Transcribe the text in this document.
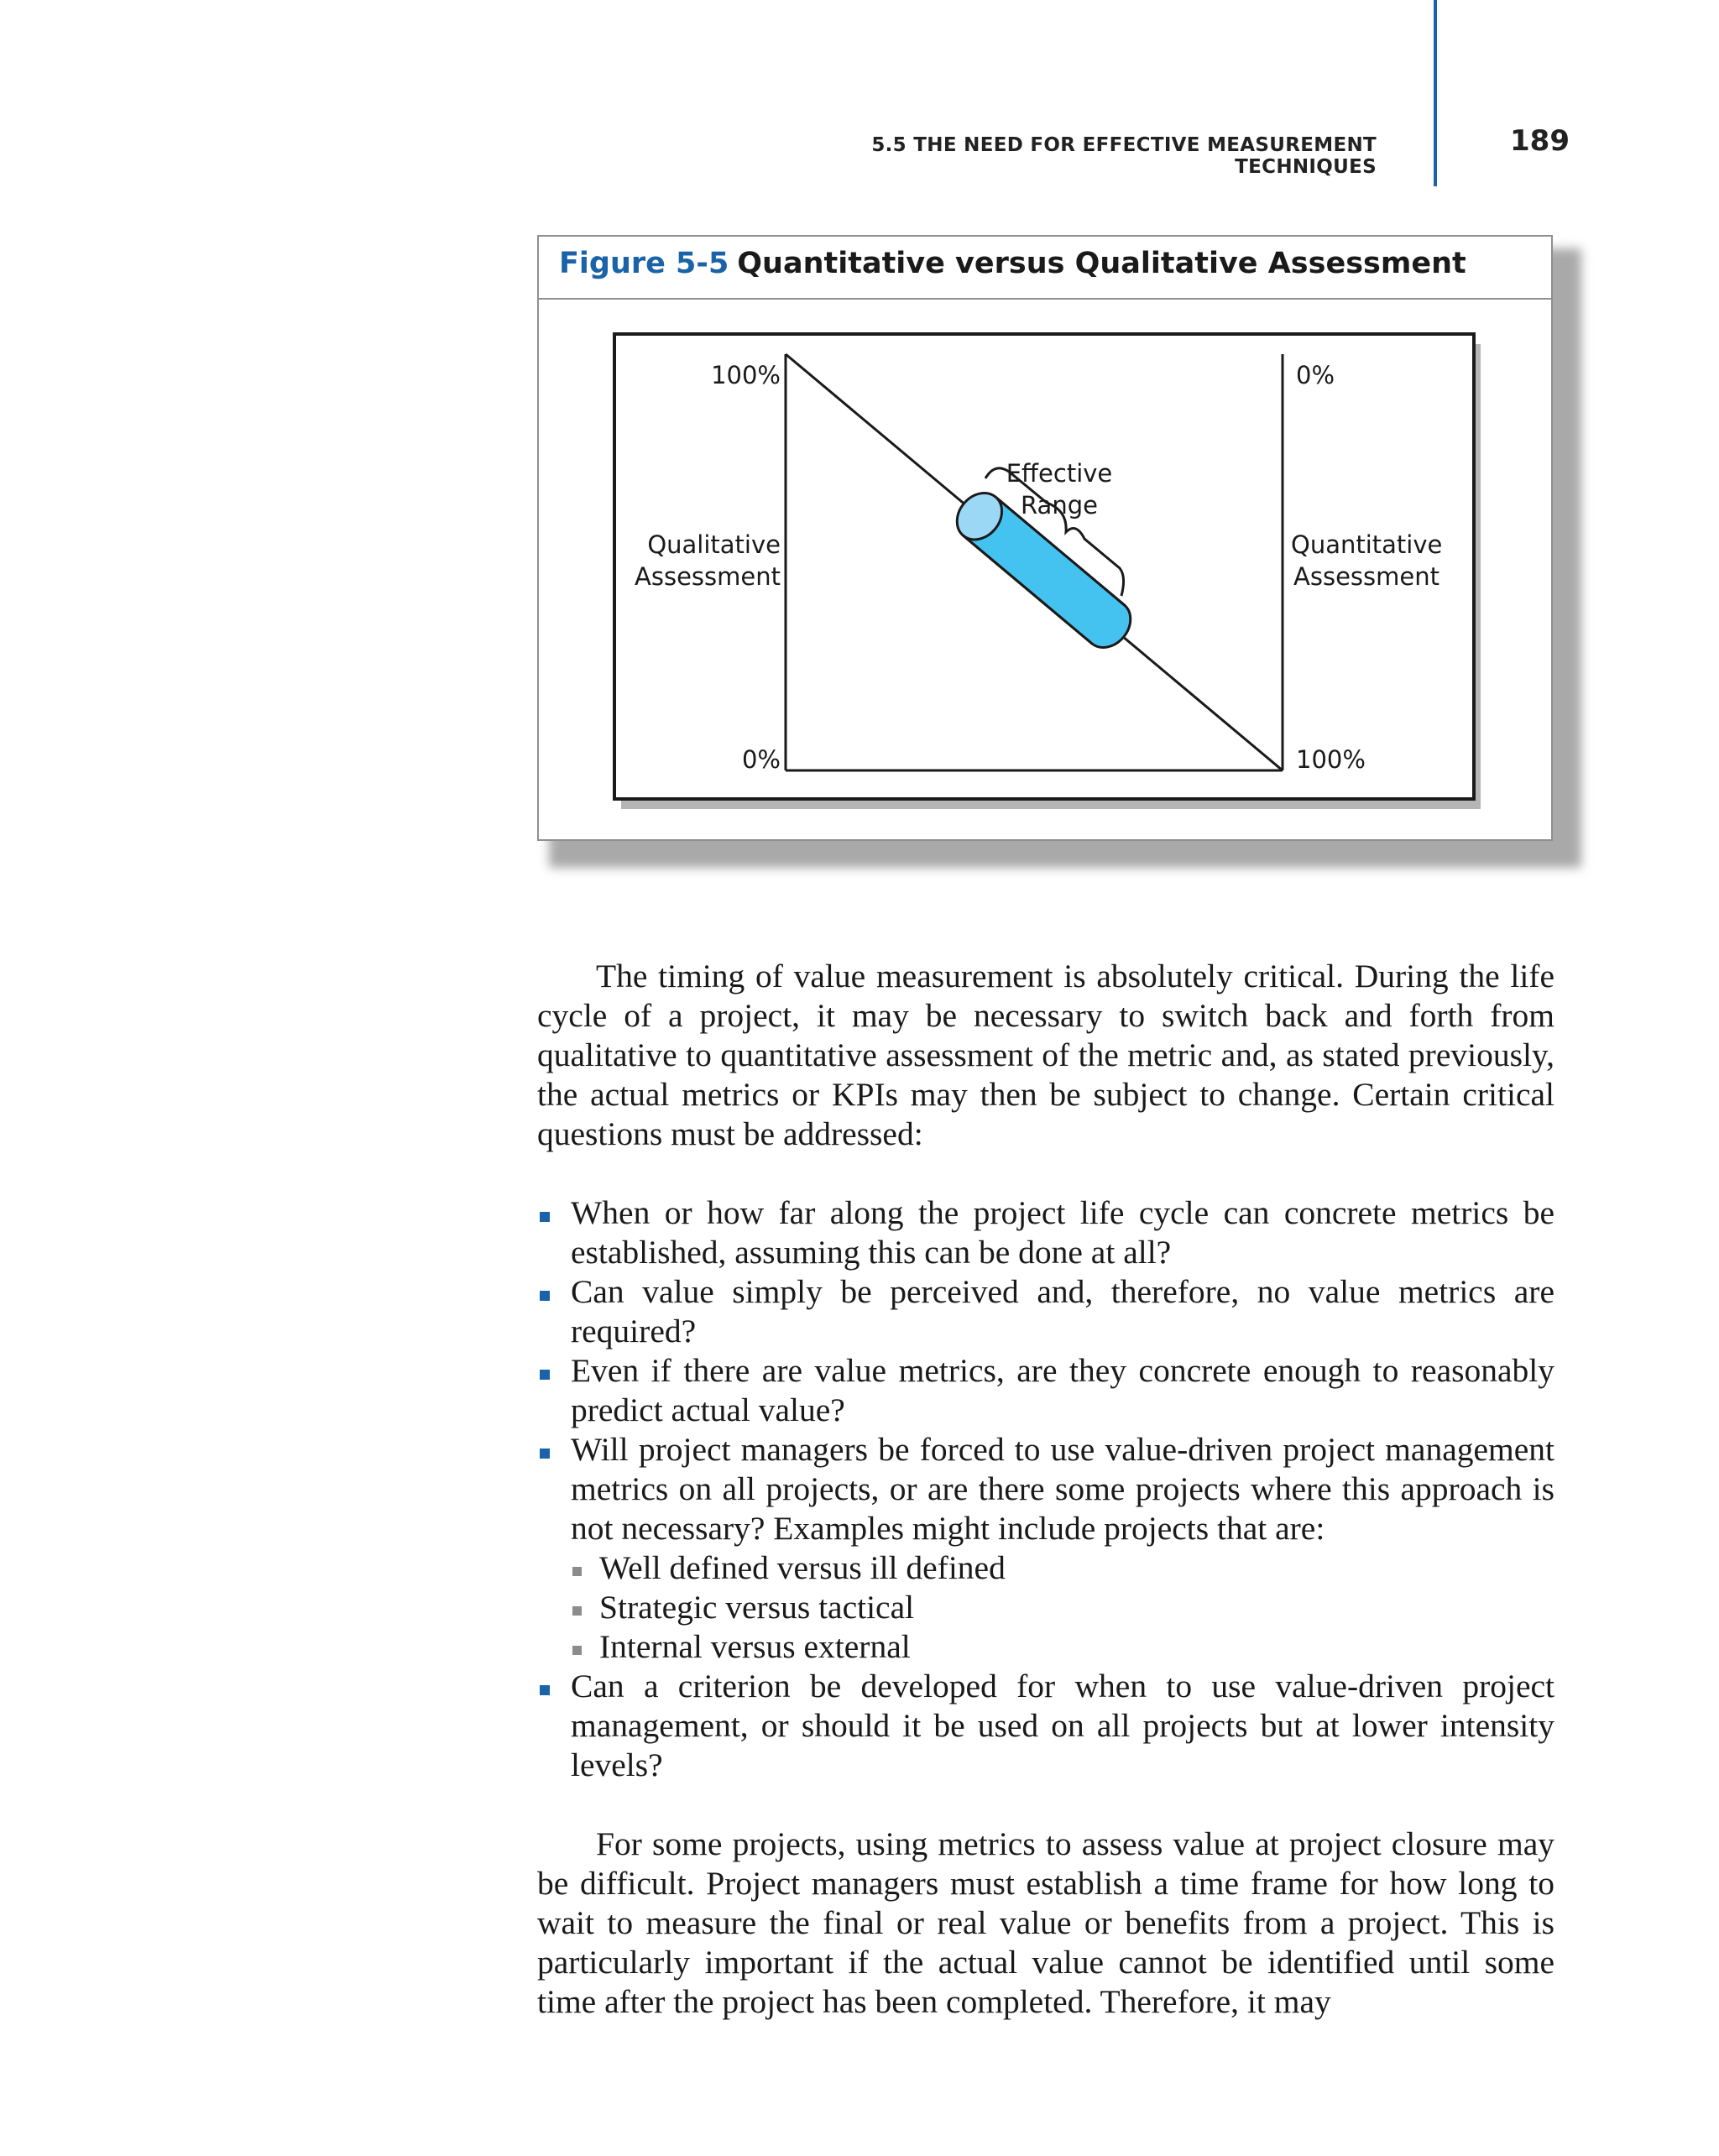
5.5 THE NEED FOR EFFECTIVE MEASUREMENT TECHNIQUES
189
Figure 5-5 Quantitative versus Qualitative Assessment
100%
0%
0%
100%
Qualitative
Assessment
Quantitative
Assessment
Effective
Range

The timing of value measurement is absolutely critical. During the life cycle of a project, it may be necessary to switch back and forth from qualitative to quantitative assessment of the metric and, as stated previously, the actual metrics or KPIs may then be subject to change. Certain critical questions must be addressed:

When or how far along the project life cycle can concrete metrics be established, assuming this can be done at all?
Can value simply be perceived and, therefore, no value metrics are required?
Even if there are value metrics, are they concrete enough to reasonably predict actual value?
Will project managers be forced to use value-driven project management metrics on all projects, or are there some projects where this approach is not necessary? Examples might include projects that are:
Well defined versus ill defined
Strategic versus tactical
Internal versus external
Can a criterion be developed for when to use value-driven project management, or should it be used on all projects but at lower intensity levels?

For some projects, using metrics to assess value at project closure may be difficult. Project managers must establish a time frame for how long to wait to measure the final or real value or benefits from a project. This is particularly important if the actual value cannot be identified until some time after the project has been completed. Therefore, it may
